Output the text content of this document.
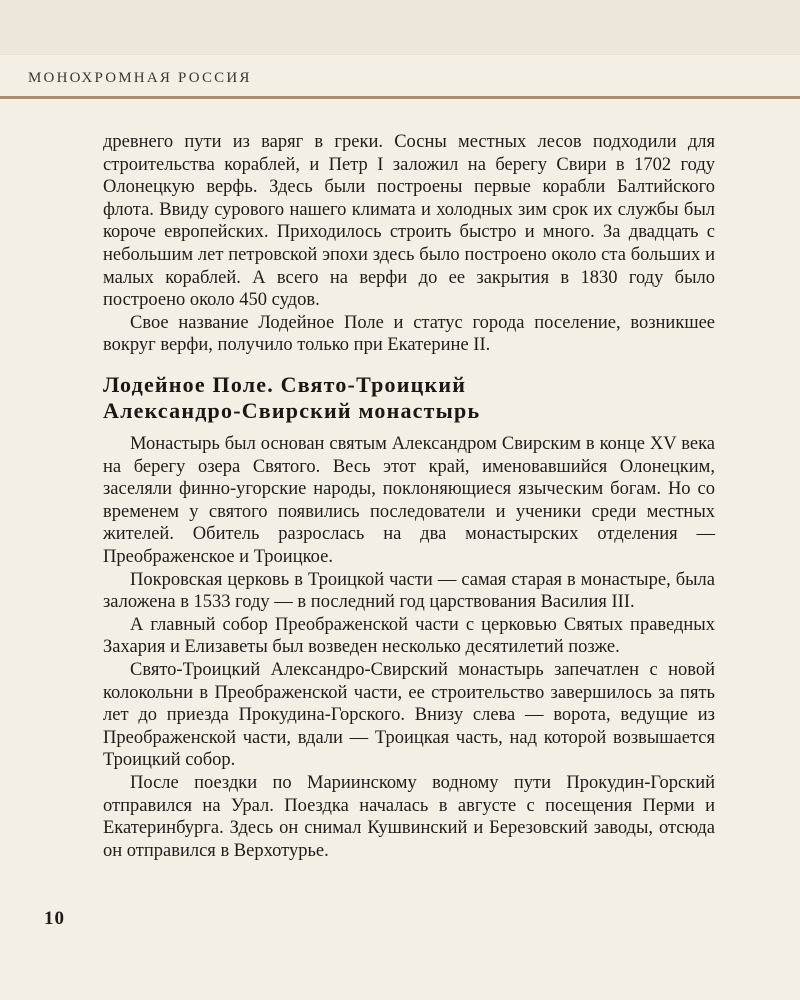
МОНОХРОМНАЯ РОССИЯ

древнего пути из варяг в греки. Сосны местных лесов подходили для строительства кораблей, и Петр I заложил на берегу Свири в 1702 году Олонецкую верфь. Здесь были построены первые корабли Балтийского флота. Ввиду сурового нашего климата и холодных зим срок их службы был короче европейских. Приходилось строить быстро и много. За двадцать с небольшим лет петровской эпохи здесь было построено около ста больших и малых кораблей. А всего на верфи до ее закрытия в 1830 году было построено около 450 судов.

Свое название Лодейное Поле и статус города поселение, возникшее вокруг верфи, получило только при Екатерине II.

Лодейное Поле. Свято-Троицкий
Александро-Свирский монастырь

Монастырь был основан святым Александром Свирским в конце XV века на берегу озера Святого. Весь этот край, именовавшийся Олонецким, заселяли финно-угорские народы, поклоняющиеся языческим богам. Но со временем у святого появились последователи и ученики среди местных жителей. Обитель разрослась на два монастырских отделения — Преображенское и Троицкое.

Покровская церковь в Троицкой части — самая старая в монастыре, была заложена в 1533 году — в последний год царствования Василия III.

А главный собор Преображенской части с церковью Святых праведных Захария и Елизаветы был возведен несколько десятилетий позже.

Свято-Троицкий Александро-Свирский монастырь запечатлен с новой колокольни в Преображенской части, ее строительство завершилось за пять лет до приезда Прокудина-Горского. Внизу слева — ворота, ведущие из Преображенской части, вдали — Троицкая часть, над которой возвышается Троицкий собор.

После поездки по Мариинскому водному пути Прокудин-Горский отправился на Урал. Поездка началась в августе с посещения Перми и Екатеринбурга. Здесь он снимал Кушвинский и Березовский заводы, отсюда он отправился в Верхотурье.

10
